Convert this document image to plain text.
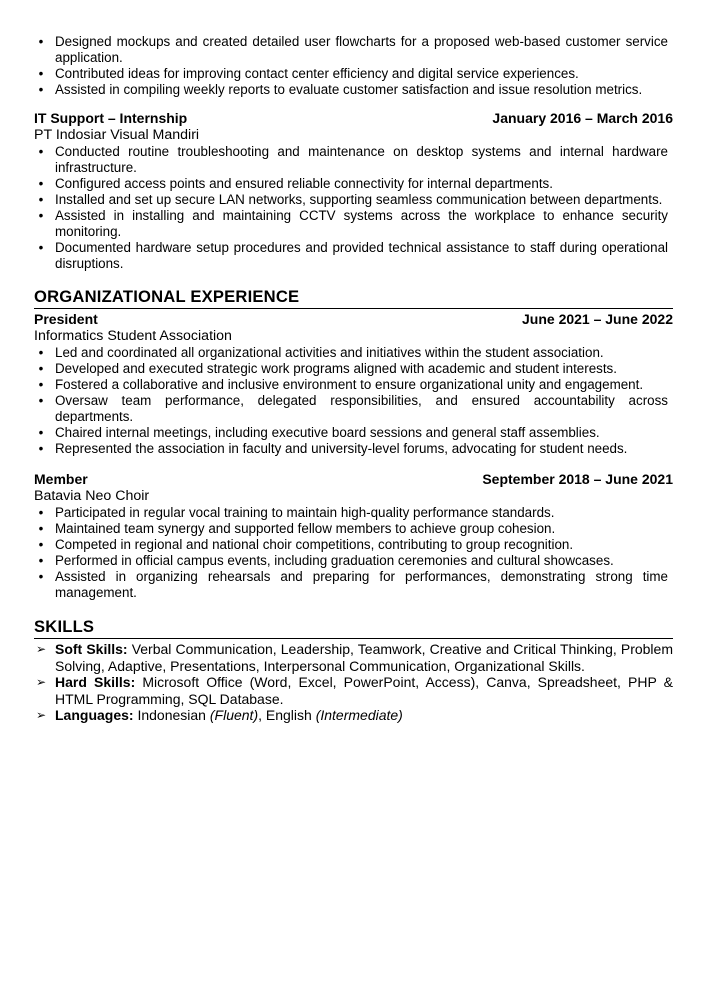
• Designed mockups and created detailed user flowcharts for a proposed web-based customer service application.
• Contributed ideas for improving contact center efficiency and digital service experiences.
• Assisted in compiling weekly reports to evaluate customer satisfaction and issue resolution metrics.
IT Support – Internship	January 2016 – March 2016
PT Indosiar Visual Mandiri
• Conducted routine troubleshooting and maintenance on desktop systems and internal hardware infrastructure.
• Configured access points and ensured reliable connectivity for internal departments.
• Installed and set up secure LAN networks, supporting seamless communication between departments.
• Assisted in installing and maintaining CCTV systems across the workplace to enhance security monitoring.
• Documented hardware setup procedures and provided technical assistance to staff during operational disruptions.
ORGANIZATIONAL EXPERIENCE
President	June 2021 – June 2022
Informatics Student Association
• Led and coordinated all organizational activities and initiatives within the student association.
• Developed and executed strategic work programs aligned with academic and student interests.
• Fostered a collaborative and inclusive environment to ensure organizational unity and engagement.
• Oversaw team performance, delegated responsibilities, and ensured accountability across departments.
• Chaired internal meetings, including executive board sessions and general staff assemblies.
• Represented the association in faculty and university-level forums, advocating for student needs.
Member	September 2018 – June 2021
Batavia Neo Choir
• Participated in regular vocal training to maintain high-quality performance standards.
• Maintained team synergy and supported fellow members to achieve group cohesion.
• Competed in regional and national choir competitions, contributing to group recognition.
• Performed in official campus events, including graduation ceremonies and cultural showcases.
• Assisted in organizing rehearsals and preparing for performances, demonstrating strong time management.
SKILLS
➢ Soft Skills: Verbal Communication, Leadership, Teamwork, Creative and Critical Thinking, Problem Solving, Adaptive, Presentations, Interpersonal Communication, Organizational Skills.
➢ Hard Skills: Microsoft Office (Word, Excel, PowerPoint, Access), Canva, Spreadsheet, PHP & HTML Programming, SQL Database.
➢ Languages: Indonesian (Fluent), English (Intermediate)
